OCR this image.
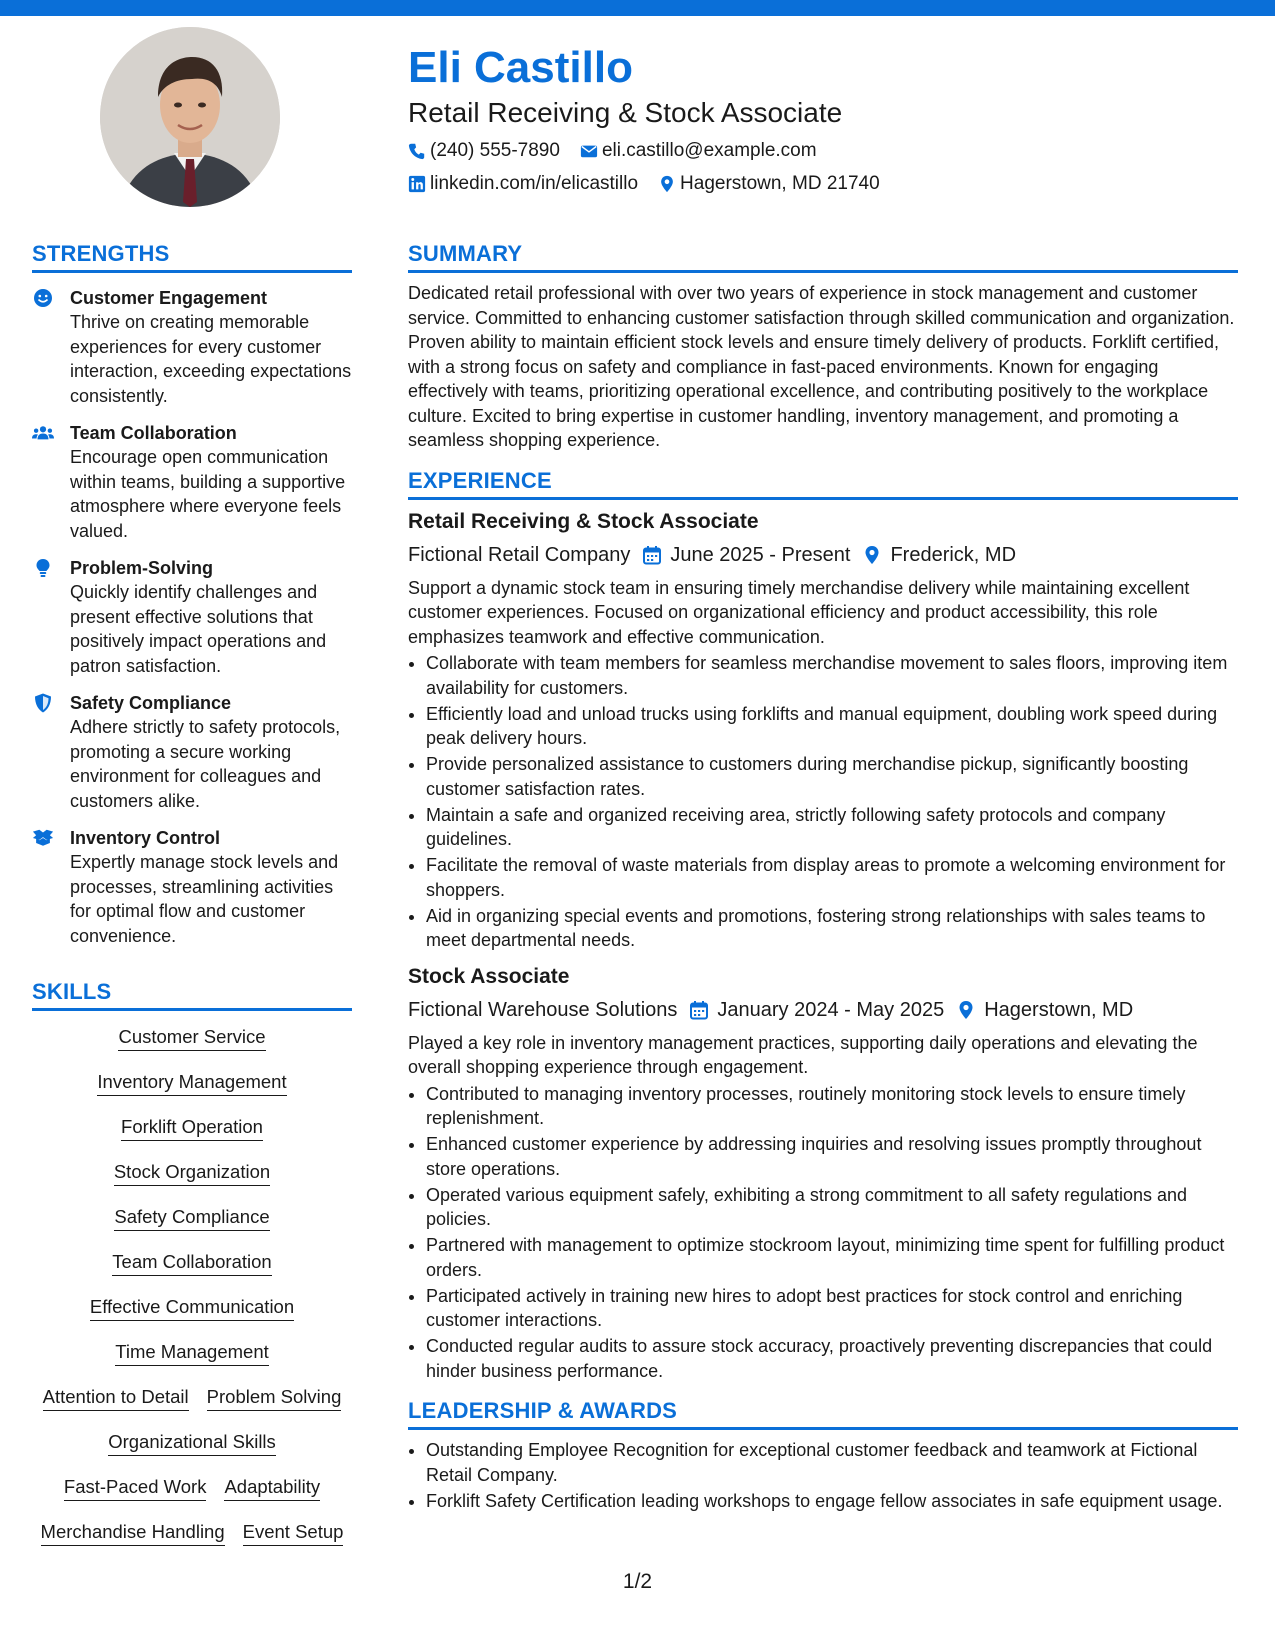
Eli Castillo
Retail Receiving & Stock Associate
(240) 555-7890 eli.castillo@example.com
linkedin.com/in/elicastillo Hagerstown, MD 21740
STRENGTHS
Customer Engagement
Thrive on creating memorable experiences for every customer interaction, exceeding expectations consistently.
Team Collaboration
Encourage open communication within teams, building a supportive atmosphere where everyone feels valued.
Problem-Solving
Quickly identify challenges and present effective solutions that positively impact operations and patron satisfaction.
Safety Compliance
Adhere strictly to safety protocols, promoting a secure working environment for colleagues and customers alike.
Inventory Control
Expertly manage stock levels and processes, streamlining activities for optimal flow and customer convenience.
SKILLS
Customer Service
Inventory Management
Forklift Operation
Stock Organization
Safety Compliance
Team Collaboration
Effective Communication
Time Management
Attention to Detail Problem Solving
Organizational Skills
Fast-Paced Work Adaptability
Merchandise Handling Event Setup
SUMMARY

Dedicated retail professional with over two years of experience in stock management and customer service. Committed to enhancing customer satisfaction through skilled communication and organization. Proven ability to maintain efficient stock levels and ensure timely delivery of products. Forklift certified, with a strong focus on safety and compliance in fast-paced environments. Known for engaging effectively with teams, prioritizing operational excellence, and contributing positively to the workplace culture. Excited to bring expertise in customer handling, inventory management, and promoting a seamless shopping experience.

EXPERIENCE
Retail Receiving & Stock Associate
Fictional Retail Company June 2025 - Present Frederick, MD

Support a dynamic stock team in ensuring timely merchandise delivery while maintaining excellent customer experiences. Focused on organizational efficiency and product accessibility, this role emphasizes teamwork and effective communication.

• Collaborate with team members for seamless merchandise movement to sales floors, improving item availability for customers.
• Efficiently load and unload trucks using forklifts and manual equipment, doubling work speed during peak delivery hours.
• Provide personalized assistance to customers during merchandise pickup, significantly boosting customer satisfaction rates.
• Maintain a safe and organized receiving area, strictly following safety protocols and company guidelines.
• Facilitate the removal of waste materials from display areas to promote a welcoming environment for shoppers.
• Aid in organizing special events and promotions, fostering strong relationships with sales teams to meet departmental needs.
Stock Associate
Fictional Warehouse Solutions January 2024 - May 2025 Hagerstown, MD

Played a key role in inventory management practices, supporting daily operations and elevating the overall shopping experience through engagement.

• Contributed to managing inventory processes, routinely monitoring stock levels to ensure timely replenishment.
• Enhanced customer experience by addressing inquiries and resolving issues promptly throughout store operations.
• Operated various equipment safely, exhibiting a strong commitment to all safety regulations and policies.
• Partnered with management to optimize stockroom layout, minimizing time spent for fulfilling product orders.
• Participated actively in training new hires to adopt best practices for stock control and enriching customer interactions.
• Conducted regular audits to assure stock accuracy, proactively preventing discrepancies that could hinder business performance.
LEADERSHIP & AWARDS
• Outstanding Employee Recognition for exceptional customer feedback and teamwork at Fictional Retail Company.
• Forklift Safety Certification leading workshops to engage fellow associates in safe equipment usage.
1/2
